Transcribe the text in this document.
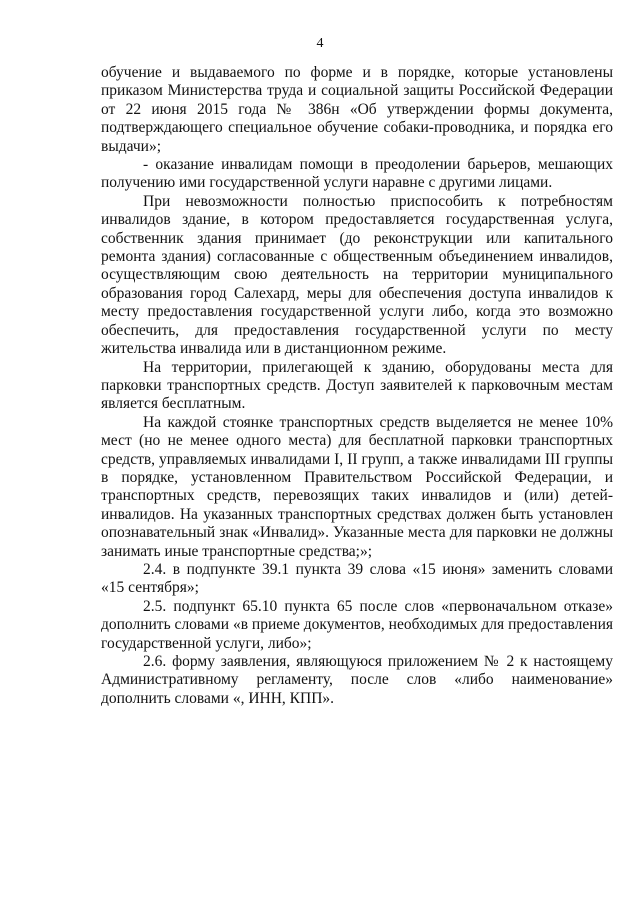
4

обучение и выдаваемого по форме и в порядке, которые установлены приказом Министерства труда и социальной защиты Российской Федерации от 22 июня 2015 года № 386н «Об утверждении формы документа, подтверждающего специальное обучение собаки-проводника, и порядка его выдачи»;

- оказание инвалидам помощи в преодолении барьеров, мешающих получению ими государственной услуги наравне с другими лицами.

При невозможности полностью приспособить к потребностям инвалидов здание, в котором предоставляется государственная услуга, собственник здания принимает (до реконструкции или капитального ремонта здания) согласованные с общественным объединением инвалидов, осуществляющим свою деятельность на территории муниципального образования город Салехард, меры для обеспечения доступа инвалидов к месту предоставления государственной услуги либо, когда это возможно обеспечить, для предоставления государственной услуги по месту жительства инвалида или в дистанционном режиме.

На территории, прилегающей к зданию, оборудованы места для парковки транспортных средств. Доступ заявителей к парковочным местам является бесплатным.

На каждой стоянке транспортных средств выделяется не менее 10% мест (но не менее одного места) для бесплатной парковки транспортных средств, управляемых инвалидами I, II групп, а также инвалидами III группы в порядке, установленном Правительством Российской Федерации, и транспортных средств, перевозящих таких инвалидов и (или) детей-инвалидов. На указанных транспортных средствах должен быть установлен опознавательный знак «Инвалид». Указанные места для парковки не должны занимать иные транспортные средства;»;

2.4. в подпункте 39.1 пункта 39 слова «15 июня» заменить словами «15 сентября»;

2.5. подпункт 65.10 пункта 65 после слов «первоначальном отказе» дополнить словами «в приеме документов, необходимых для предоставления государственной услуги, либо»;

2.6. форму заявления, являющуюся приложением № 2 к настоящему Административному регламенту, после слов «либо наименование» дополнить словами «, ИНН, КПП».
